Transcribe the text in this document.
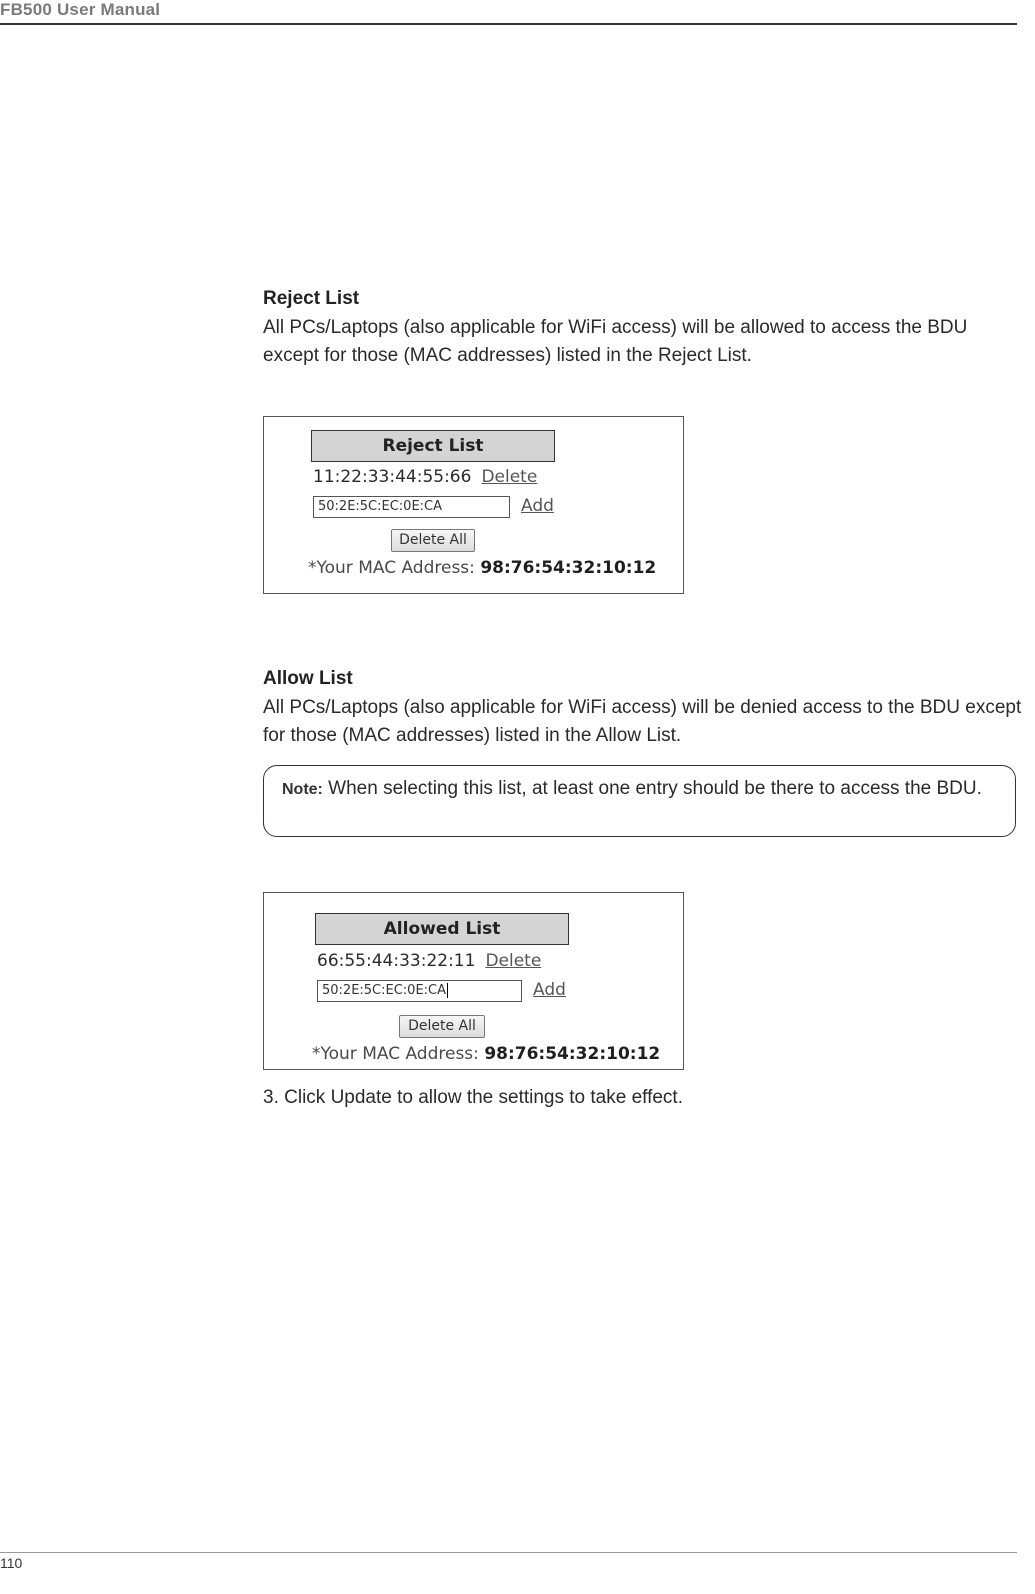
FB500 User Manual
Reject List
All PCs/Laptops (also applicable for WiFi access) will be allowed to access the BDU except for those (MAC addresses) listed in the Reject List.
Reject List
11:22:33:44:55:66 Delete
50:2E:5C:EC:0E:CA	Add
Delete All
*Your MAC Address: 98:76:54:32:10:12
Allow List
All PCs/Laptops (also applicable for WiFi access) will be denied access to the BDU except for those (MAC addresses) listed in the Allow List.
Note: When selecting this list, at least one entry should be there to access the BDU.
Allowed List
66:55:44:33:22:11 Delete
50:2E:5C:EC:0E:CA	Add
Delete All
*Your MAC Address: 98:76:54:32:10:12
3. Click Update to allow the settings to take effect.
110
